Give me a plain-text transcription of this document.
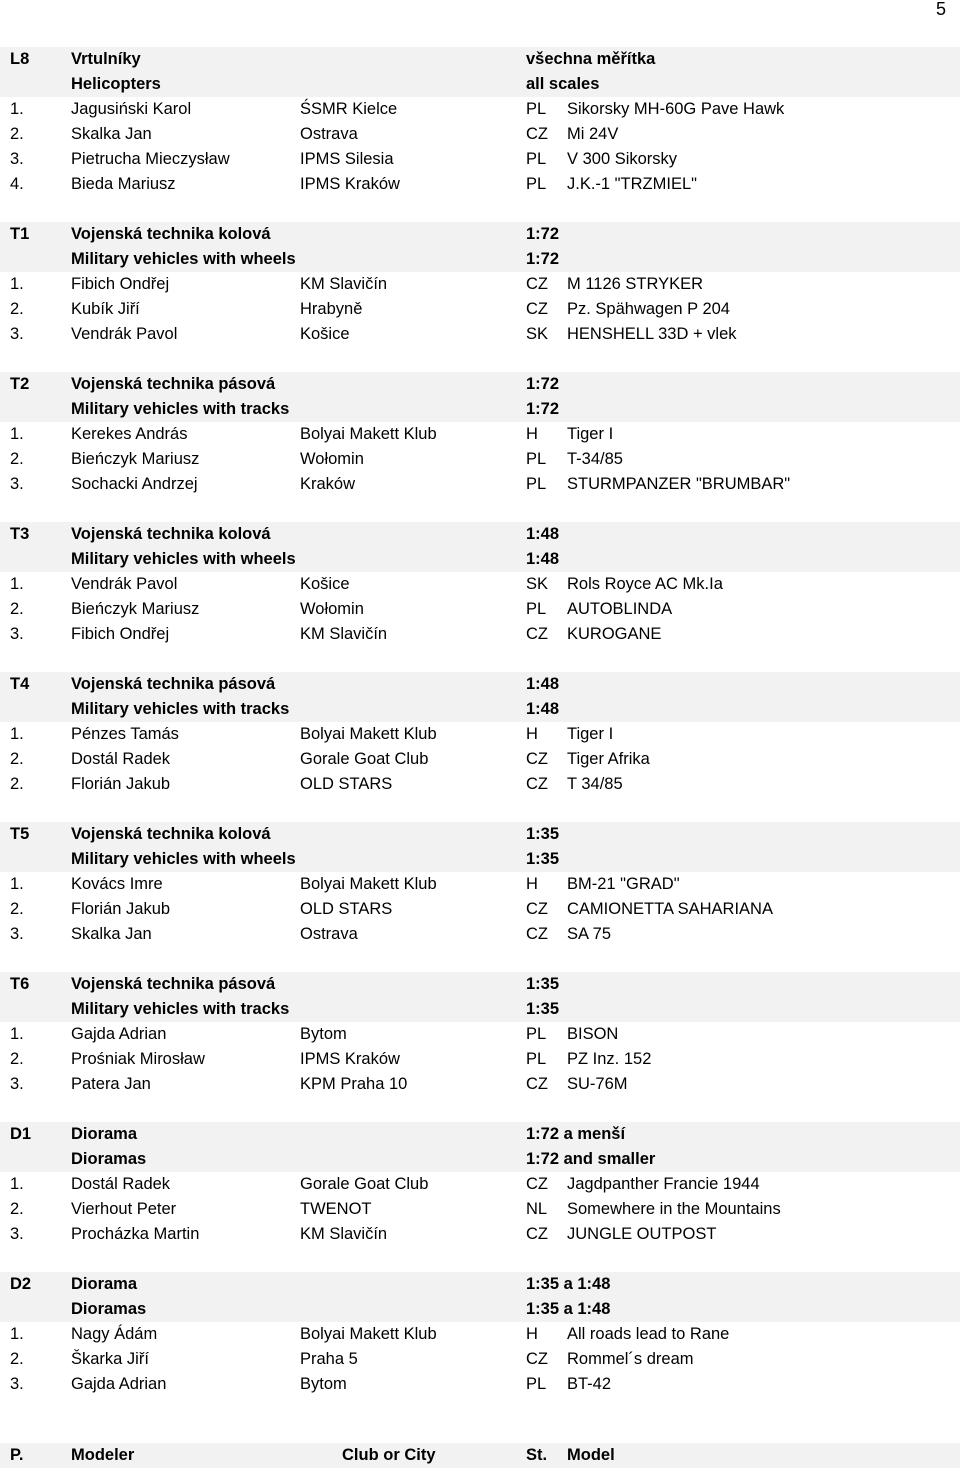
5
L8	Vrtulníky	všechna měřítka
Helicopters	all scales
1.	Jagusiński Karol	ŚSMR Kielce	PL Sikorsky MH-60G Pave Hawk
2.	Skalka Jan	Ostrava	CZ Mi 24V
3.	Pietrucha Mieczysław	IPMS Silesia	PL V 300 Sikorsky
4.	Bieda Mariusz	IPMS Kraków	PL J.K.-1 "TRZMIEL"
T1	Vojenská technika kolová	1:72
Military vehicles with wheels	1:72
1.	Fibich Ondřej	KM Slavičín	CZ M 1126 STRYKER
2.	Kubík Jiří	Hrabyně	CZ Pz. Spähwagen P 204
3.	Vendrák Pavol	Košice	SK HENSHELL 33D + vlek
T2	Vojenská technika pásová	1:72
Military vehicles with tracks	1:72
1.	Kerekes András	Bolyai Makett Klub	H Tiger I
2.	Bieńczyk Mariusz	Wołomin	PL T-34/85
3.	Sochacki Andrzej	Kraków	PL STURMPANZER "BRUMBAR"
T3	Vojenská technika kolová	1:48
Military vehicles with wheels	1:48
1.	Vendrák Pavol	Košice	SK Rols Royce AC Mk.Ia
2.	Bieńczyk Mariusz	Wołomin	PL AUTOBLINDA
3.	Fibich Ondřej	KM Slavičín	CZ KUROGANE
T4	Vojenská technika pásová	1:48
Military vehicles with tracks	1:48
1.	Pénzes Tamás	Bolyai Makett Klub	H Tiger I
2.	Dostál Radek	Gorale Goat Club	CZ Tiger Afrika
2.	Florián Jakub	OLD STARS	CZ T 34/85
T5	Vojenská technika kolová	1:35
Military vehicles with wheels	1:35
1.	Kovács Imre	Bolyai Makett Klub	H BM-21 "GRAD"
2.	Florián Jakub	OLD STARS	CZ CAMIONETTA SAHARIANA
3.	Skalka Jan	Ostrava	CZ SA 75
T6	Vojenská technika pásová	1:35
Military vehicles with tracks	1:35
1.	Gajda Adrian	Bytom	PL BISON
2.	Prośniak Mirosław	IPMS Kraków	PL PZ Inz. 152
3.	Patera Jan	KPM Praha 10	CZ SU-76M
D1 Diorama	1:72 a menší
Dioramas	1:72 and smaller
1.	Dostál Radek	Gorale Goat Club	CZ Jagdpanther Francie 1944
2.	Vierhout Peter	TWENOT	NL Somewhere in the Mountains
3.	Procházka Martin	KM Slavičín	CZ JUNGLE OUTPOST
D2 Diorama	1:35 a 1:48
Dioramas	1:35 a 1:48
1.	Nagy Ádám	Bolyai Makett Klub	H All roads lead to Rane
2.	Škarka Jiří	Praha 5	CZ Rommel´s dream
3.	Gajda Adrian	Bytom	PL BT-42
P.	Modeler	Club or City	St. Model
